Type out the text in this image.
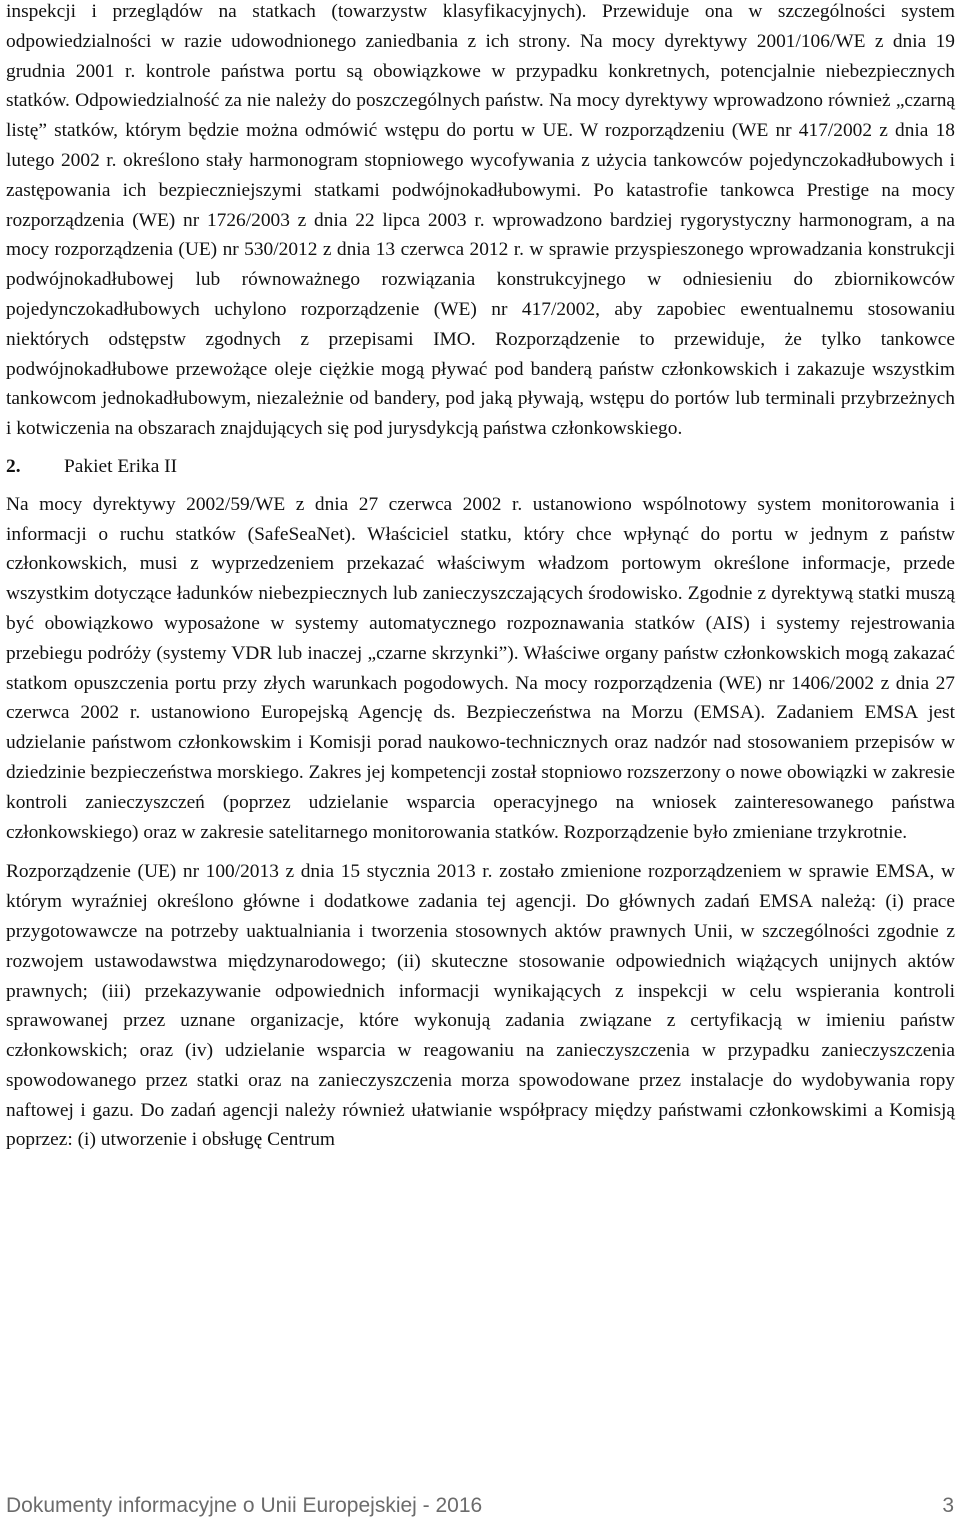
inspekcji i przeglądów na statkach (towarzystw klasyfikacyjnych). Przewiduje ona w szczególności system odpowiedzialności w razie udowodnionego zaniedbania z ich strony. Na mocy dyrektywy 2001/106/WE z dnia 19 grudnia 2001 r. kontrole państwa portu są obowiązkowe w przypadku konkretnych, potencjalnie niebezpiecznych statków. Odpowiedzialność za nie należy do poszczególnych państw. Na mocy dyrektywy wprowadzono również „czarną listę” statków, którym będzie można odmówić wstępu do portu w UE. W rozporządzeniu (WE nr 417/2002 z dnia 18 lutego 2002 r. określono stały harmonogram stopniowego wycofywania z użycia tankowców pojedynczokadłubowych i zastępowania ich bezpieczniejszymi statkami podwójnokadłubowymi. Po katastrofie tankowca Prestige na mocy rozporządzenia (WE) nr 1726/2003 z dnia 22 lipca 2003 r. wprowadzono bardziej rygorystyczny harmonogram, a na mocy rozporządzenia (UE) nr 530/2012 z dnia 13 czerwca 2012 r. w sprawie przyspieszonego wprowadzania konstrukcji podwójnokadłubowej lub równoważnego rozwiązania konstrukcyjnego w odniesieniu do zbiornikowców pojedynczokadłubowych uchylono rozporządzenie (WE) nr 417/2002, aby zapobiec ewentualnemu stosowaniu niektórych odstępstw zgodnych z przepisami IMO. Rozporządzenie to przewiduje, że tylko tankowce podwójnokadłubowe przewożące oleje ciężkie mogą pływać pod banderą państw członkowskich i zakazuje wszystkim tankowcom jednokadłubowym, niezależnie od bandery, pod jaką pływają, wstępu do portów lub terminali przybrzeżnych i kotwiczenia na obszarach znajdujących się pod jurysdykcją państwa członkowskiego.

2.	Pakiet Erika II

Na mocy dyrektywy 2002/59/WE z dnia 27 czerwca 2002 r. ustanowiono wspólnotowy system monitorowania i informacji o ruchu statków (SafeSeaNet). Właściciel statku, który chce wpłynąć do portu w jednym z państw członkowskich, musi z wyprzedzeniem przekazać właściwym władzom portowym określone informacje, przede wszystkim dotyczące ładunków niebezpiecznych lub zanieczyszczających środowisko. Zgodnie z dyrektywą statki muszą być obowiązkowo wyposażone w systemy automatycznego rozpoznawania statków (AIS) i systemy rejestrowania przebiegu podróży (systemy VDR lub inaczej „czarne skrzynki”). Właściwe organy państw członkowskich mogą zakazać statkom opuszczenia portu przy złych warunkach pogodowych. Na mocy rozporządzenia (WE) nr 1406/2002 z dnia 27 czerwca 2002 r. ustanowiono Europejską Agencję ds. Bezpieczeństwa na Morzu (EMSA). Zadaniem EMSA jest udzielanie państwom członkowskim i Komisji porad naukowo-technicznych oraz nadzór nad stosowaniem przepisów w dziedzinie bezpieczeństwa morskiego. Zakres jej kompetencji został stopniowo rozszerzony o nowe obowiązki w zakresie kontroli zanieczyszczeń (poprzez udzielanie wsparcia operacyjnego na wniosek zainteresowanego państwa członkowskiego) oraz w zakresie satelitarnego monitorowania statków. Rozporządzenie było zmieniane trzykrotnie.

Rozporządzenie (UE) nr 100/2013 z dnia 15 stycznia 2013 r. zostało zmienione rozporządzeniem w sprawie EMSA, w którym wyraźniej określono główne i dodatkowe zadania tej agencji. Do głównych zadań EMSA należą: (i) prace przygotowawcze na potrzeby uaktualniania i tworzenia stosownych aktów prawnych Unii, w szczególności zgodnie z rozwojem ustawodawstwa międzynarodowego; (ii) skuteczne stosowanie odpowiednich wiążących unijnych aktów prawnych; (iii) przekazywanie odpowiednich informacji wynikających z inspekcji w celu wspierania kontroli sprawowanej przez uznane organizacje, które wykonują zadania związane z certyfikacją w imieniu państw członkowskich; oraz (iv) udzielanie wsparcia w reagowaniu na zanieczyszczenia w przypadku zanieczyszczenia spowodowanego przez statki oraz na zanieczyszczenia morza spowodowane przez instalacje do wydobywania ropy naftowej i gazu. Do zadań agencji należy również ułatwianie współpracy między państwami członkowskimi a Komisją poprzez: (i) utworzenie i obsługę Centrum

Dokumenty informacyjne o Unii Europejskiej - 2016	3
